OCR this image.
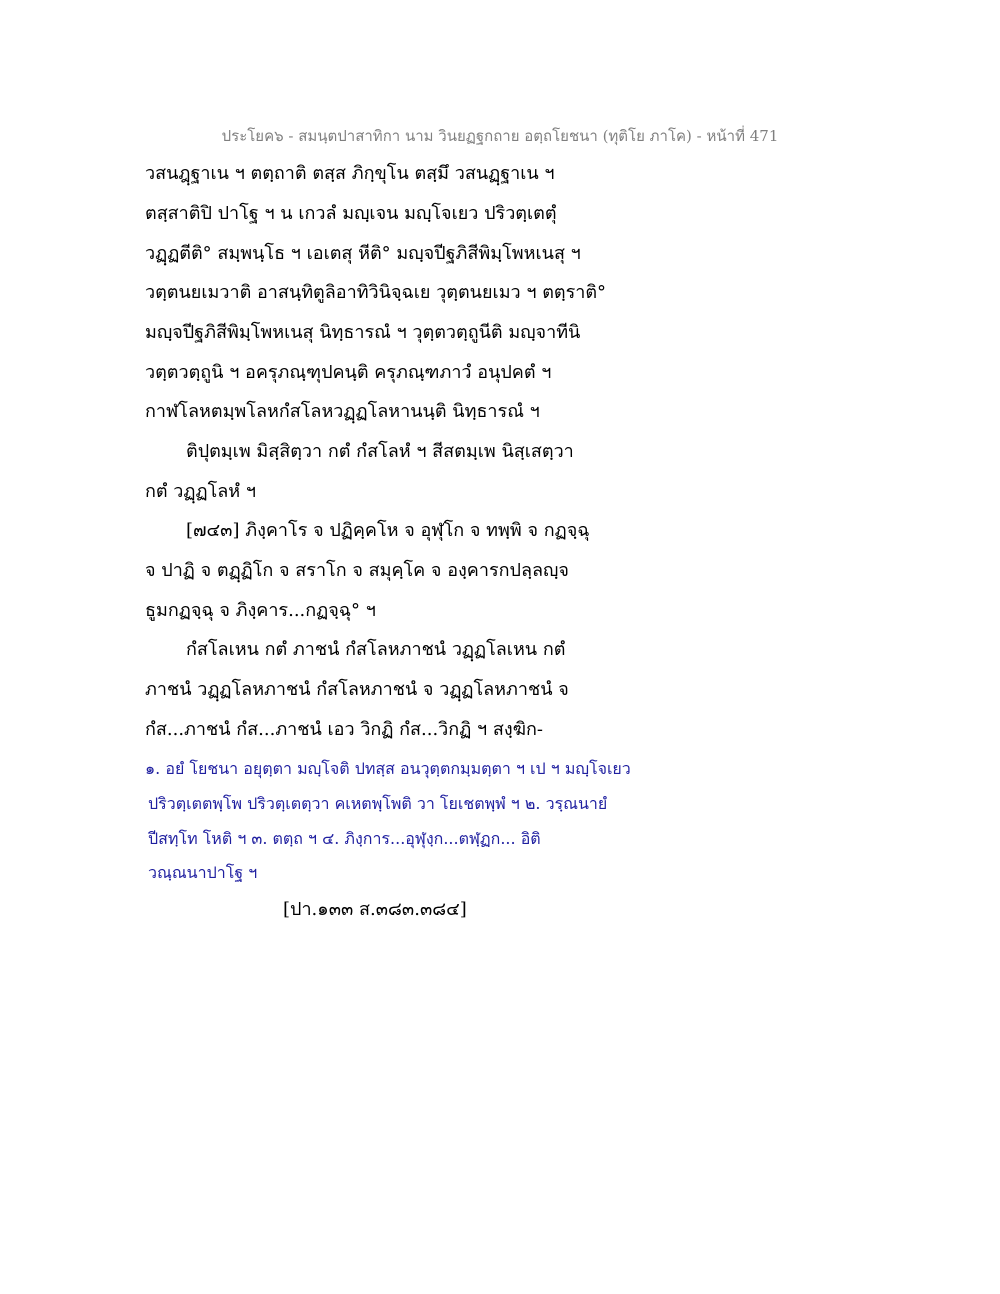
ประโยค๖ - สมนฺตปาสาทิกา นาม วินยฏฐกถาย อตฺถโยชนา (ทุติโย ภาโค) - หน้าที่ 471
วสนฎฺฐาเน ฯ ตตฺถาติ ตสฺส ภิกฺขุโน ตสฺมึ วสนฏฺฐาเน ฯ
ตสฺสาติปิ ปาโฐ ฯ น เกวลํ มญฺเจน มญฺโจเยว ปริวตฺเตตุํ
วฏฺฏตีติ° สมฺพนฺโธ ฯ เอเตสุ หีติ° มญฺจปีฐภิสีพิมฺโพหเนสุ ฯ
วตฺตนยเมวาติ อาสนฺทิตูลิอาทิวินิจฺฉเย วุตฺตนยเมว ฯ ตตฺราติ°
มญฺจปีฐภิสีพิมฺโพหเนสุ นิทฺธารณํ ฯ วุตฺตวตฺถูนีติ มญฺจาทีนิ
วตฺตวตฺถูนิ ฯ อครุภณฺฑุปคนฺติ ครุภณฺฑภาวํ อนุปคตํ ฯ
กาฬโลหตมฺพโลหกํสโลหวฏฺฏโลหานนฺติ นิทฺธารณํ ฯ
ติปุตมฺเพ มิสฺสิตฺวา กตํ กํสโลหํ ฯ สีสตมฺเพ นิสฺเสตฺวา
กตํ วฏฺฏโลหํ ฯ
[๗๔๓] ภิงฺคาโร จ ปฏิคฺคโห จ อุฬุโก จ ทพฺพิ จ กฏจฺฉุ
จ ปาฏิ จ ตฏฺฏิโก จ สราโก จ สมุคฺโค จ องฺคารกปลฺลญฺจ
ธูมกฏจฺฉุ จ ภิงฺคาร...กฏจฺฉุ° ฯ
กํสโลเหน กตํ ภาชนํ กํสโลหภาชนํ วฏฺฏโลเหน กตํ
ภาชนํ วฏฺฏโลหภาชนํ กํสโลหภาชนํ จ วฏฺฏโลหภาชนํ จ
กํส...ภาชนํ กํส...ภาชนํ เอว วิกฏิ กํส...วิกฏิ ฯ สงฺฆิก-
๑. อยํ โยชนา อยุตฺตา มญฺโจติ ปทสฺส อนวุตฺตกมฺมตฺตา ฯ เป ฯ มญฺโจเยว
ปริวตฺเตตพฺโพ ปริวตฺเตตฺวา คเหตพฺโพติ วา โยเชตพฺพํ ฯ ๒. วรฺณนายํ
ปีสทฺโท โหติ ฯ ๓. ตตฺถ ฯ ๔. ภิงฺการ...อุฬุงฺก...ตฬฺฏก... อิติ
วณฺณนาปาโฐ ฯ
[ปา.๑๓๓ ส.๓๘๓.๓๘๔]
